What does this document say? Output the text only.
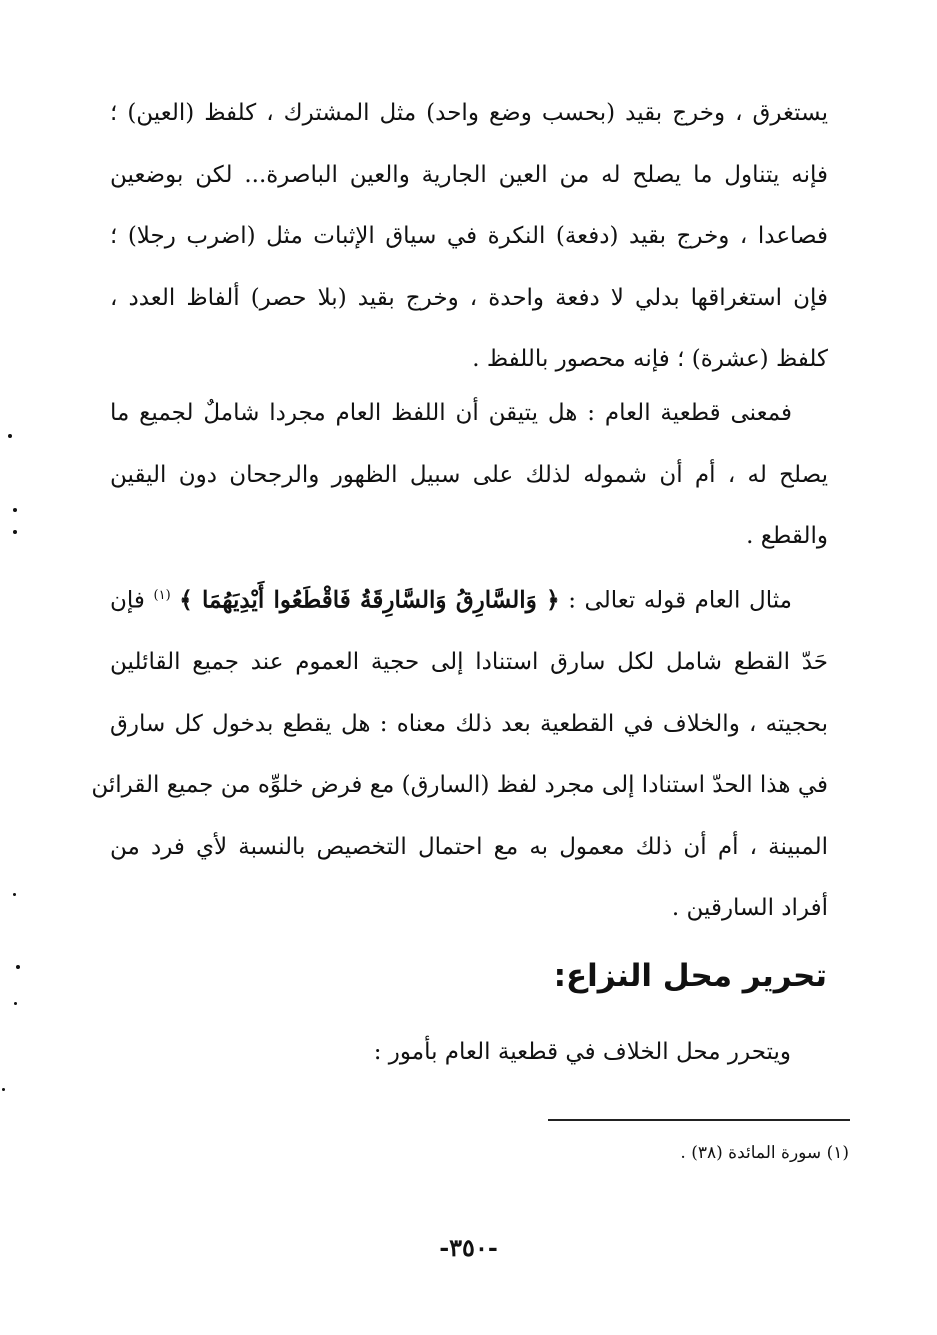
يستغرق ، وخرج بقيد (بحسب وضع واحد) مثل المشترك ، كلفظ (العين) ؛
فإنه يتناول ما يصلح له من العين الجارية والعين الباصرة... لكن بوضعين
فصاعدا ، وخرج بقيد (دفعة) النكرة في سياق الإثبات مثل (اضرب رجلا) ؛
فإن استغراقها بدلي لا دفعة واحدة ، وخرج بقيد (بلا حصر) ألفاظ العدد ،
كلفظ (عشرة) ؛ فإنه محصور باللفظ .
فمعنى قطعية العام : هل يتيقن أن اللفظ العام مجردا شاملٌ لجميع ما
يصلح له ، أم أن شموله لذلك على سبيل الظهور والرجحان دون اليقين
والقطع .
مثال العام قوله تعالى : ﴿ وَالسَّارِقُ وَالسَّارِقَةُ فَاقْطَعُوا أَيْدِيَهُمَا ﴾ $^{(١)}$ فإن
حَدّ القطع شامل لكل سارق استنادا إلى حجية العموم عند جميع القائلين
بحجيته ، والخلاف في القطعية بعد ذلك معناه : هل يقطع بدخول كل سارق
في هذا الحدّ استنادا إلى مجرد لفظ (السارق) مع فرض خلوِّه من جميع القرائن
المبينة ، أم أن ذلك معمول به مع احتمال التخصيص بالنسبة لأي فرد من
أفراد السارقين .
تحرير محل النزاع:
ويتحرر محل الخلاف في قطعية العام بأمور :
(١) سورة المائدة (٣٨) .
-٣٥٠-
